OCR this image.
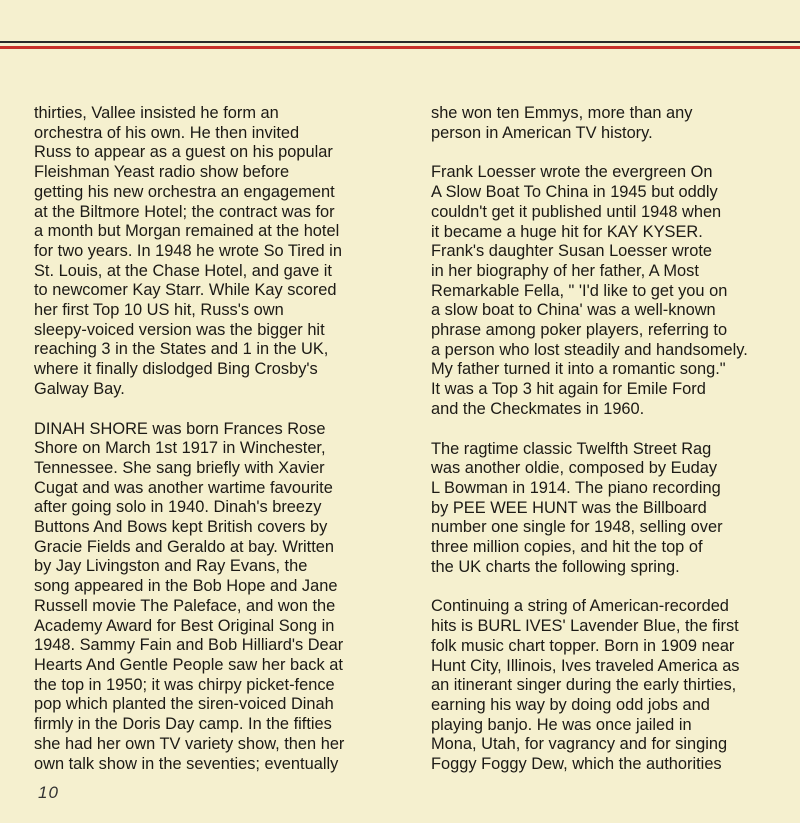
thirties, Vallee insisted he form an
orchestra of his own. He then invited
Russ to appear as a guest on his popular
Fleishman Yeast radio show before
getting his new orchestra an engagement
at the Biltmore Hotel; the contract was for
a month but Morgan remained at the hotel
for two years. In 1948 he wrote So Tired in
St. Louis, at the Chase Hotel, and gave it
to newcomer Kay Starr. While Kay scored
her first Top 10 US hit, Russ's own
sleepy-voiced version was the bigger hit
reaching 3 in the States and 1 in the UK,
where it finally dislodged Bing Crosby's
Galway Bay.
DINAH SHORE was born Frances Rose
Shore on March 1st 1917 in Winchester,
Tennessee. She sang briefly with Xavier
Cugat and was another wartime favourite
after going solo in 1940. Dinah's breezy
Buttons And Bows kept British covers by
Gracie Fields and Geraldo at bay. Written
by Jay Livingston and Ray Evans, the
song appeared in the Bob Hope and Jane
Russell movie The Paleface, and won the
Academy Award for Best Original Song in
1948. Sammy Fain and Bob Hilliard's Dear
Hearts And Gentle People saw her back at
the top in 1950; it was chirpy picket-fence
pop which planted the siren-voiced Dinah
firmly in the Doris Day camp. In the fifties
she had her own TV variety show, then her
own talk show in the seventies; eventually
she won ten Emmys, more than any
person in American TV history.
Frank Loesser wrote the evergreen On
A Slow Boat To China in 1945 but oddly
couldn't get it published until 1948 when
it became a huge hit for KAY KYSER.
Frank's daughter Susan Loesser wrote
in her biography of her father, A Most
Remarkable Fella, " 'I'd like to get you on
a slow boat to China' was a well-known
phrase among poker players, referring to
a person who lost steadily and handsomely.
My father turned it into a romantic song."
It was a Top 3 hit again for Emile Ford
and the Checkmates in 1960.
The ragtime classic Twelfth Street Rag
was another oldie, composed by Euday
L Bowman in 1914. The piano recording
by PEE WEE HUNT was the Billboard
number one single for 1948, selling over
three million copies, and hit the top of
the UK charts the following spring.
Continuing a string of American-recorded
hits is BURL IVES' Lavender Blue, the first
folk music chart topper. Born in 1909 near
Hunt City, Illinois, Ives traveled America as
an itinerant singer during the early thirties,
earning his way by doing odd jobs and
playing banjo. He was once jailed in
Mona, Utah, for vagrancy and for singing
Foggy Foggy Dew, which the authorities
10
